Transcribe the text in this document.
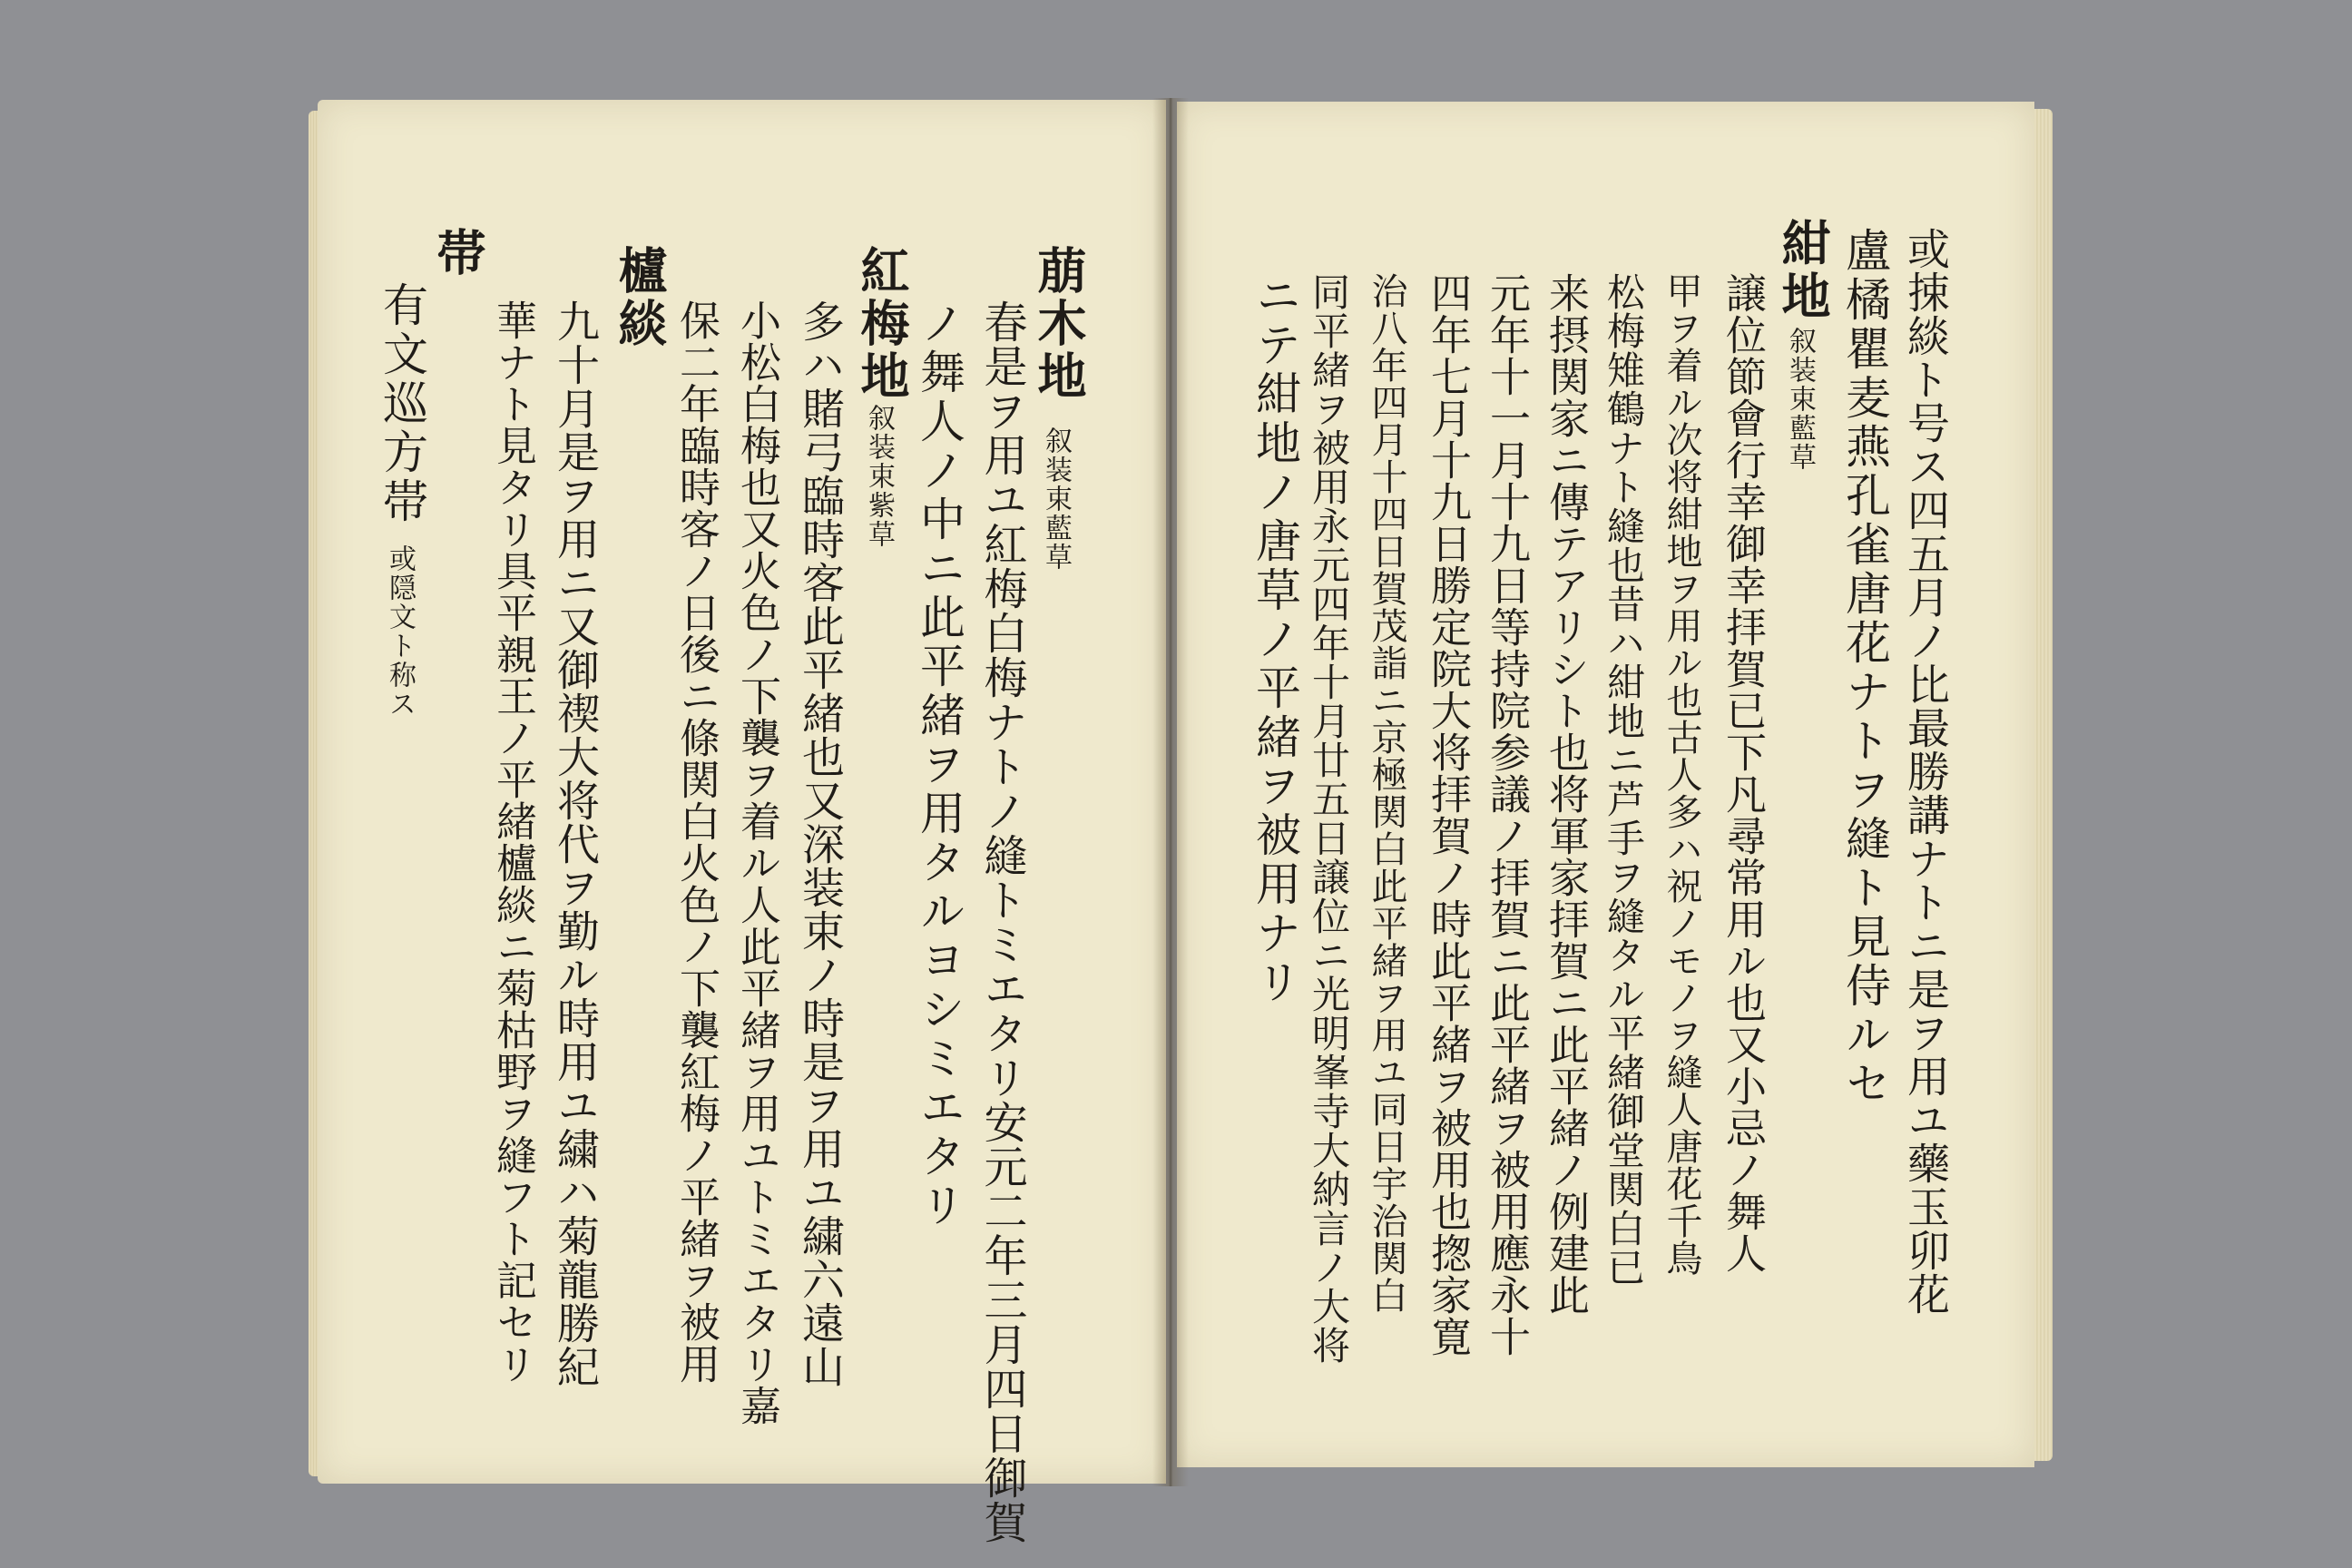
萠木地
叙装束藍草
春是ヲ用ユ紅梅白梅ナトノ縫トミエタリ安元二年三月四日御賀
ノ舞人ノ中ニ此平緒ヲ用タルヨシミエタリ
紅梅地
叙装束紫草
多ハ賭弓臨時客此平緒也又深装束ノ時是ヲ用ユ繍六遠山
小松白梅也又火色ノ下襲ヲ着ル人此平緒ヲ用ユトミエタリ嘉
保二年臨時客ノ日後ニ條関白火色ノ下襲紅梅ノ平緒ヲ被用
櫨緂
九十月是ヲ用ニ又御禊大将代ヲ勤ル時用ユ繍ハ菊龍勝紀
華ナト見タリ具平親王ノ平緒櫨緂ニ菊枯野ヲ縫フト記セリ
帯
有文巡方帯
或隠文ト称ス	或捒緂ト号ス四五月ノ比最勝講ナトニ是ヲ用ユ藥玉卯花
盧橘瞿麦燕孔雀唐花ナトヲ縫ト見侍ルセ
紺地
叙装束藍草
譲位節會行幸御幸拝賀已下凡尋常用ル也又小忌ノ舞人
甲ヲ着ル次将紺地ヲ用ル也古人多ハ祝ノモノヲ縫人唐花千鳥
松梅雉鶴ナト縫也昔ハ紺地ニ芦手ヲ縫タル平緒御堂関白已
来摂関家ニ傳テアリシト也将軍家拝賀ニ此平緒ノ例建此
元年十一月十九日等持院参議ノ拝賀ニ此平緒ヲ被用應永十
四年七月十九日勝定院大将拝賀ノ時此平緒ヲ被用也揔家寛
治八年四月十四日賀茂詣ニ京極関白此平緒ヲ用ユ同日宇治関白
同平緒ヲ被用永元四年十月廿五日譲位ニ光明峯寺大納言ノ大将
ニテ紺地ノ唐草ノ平緒ヲ被用ナリ
